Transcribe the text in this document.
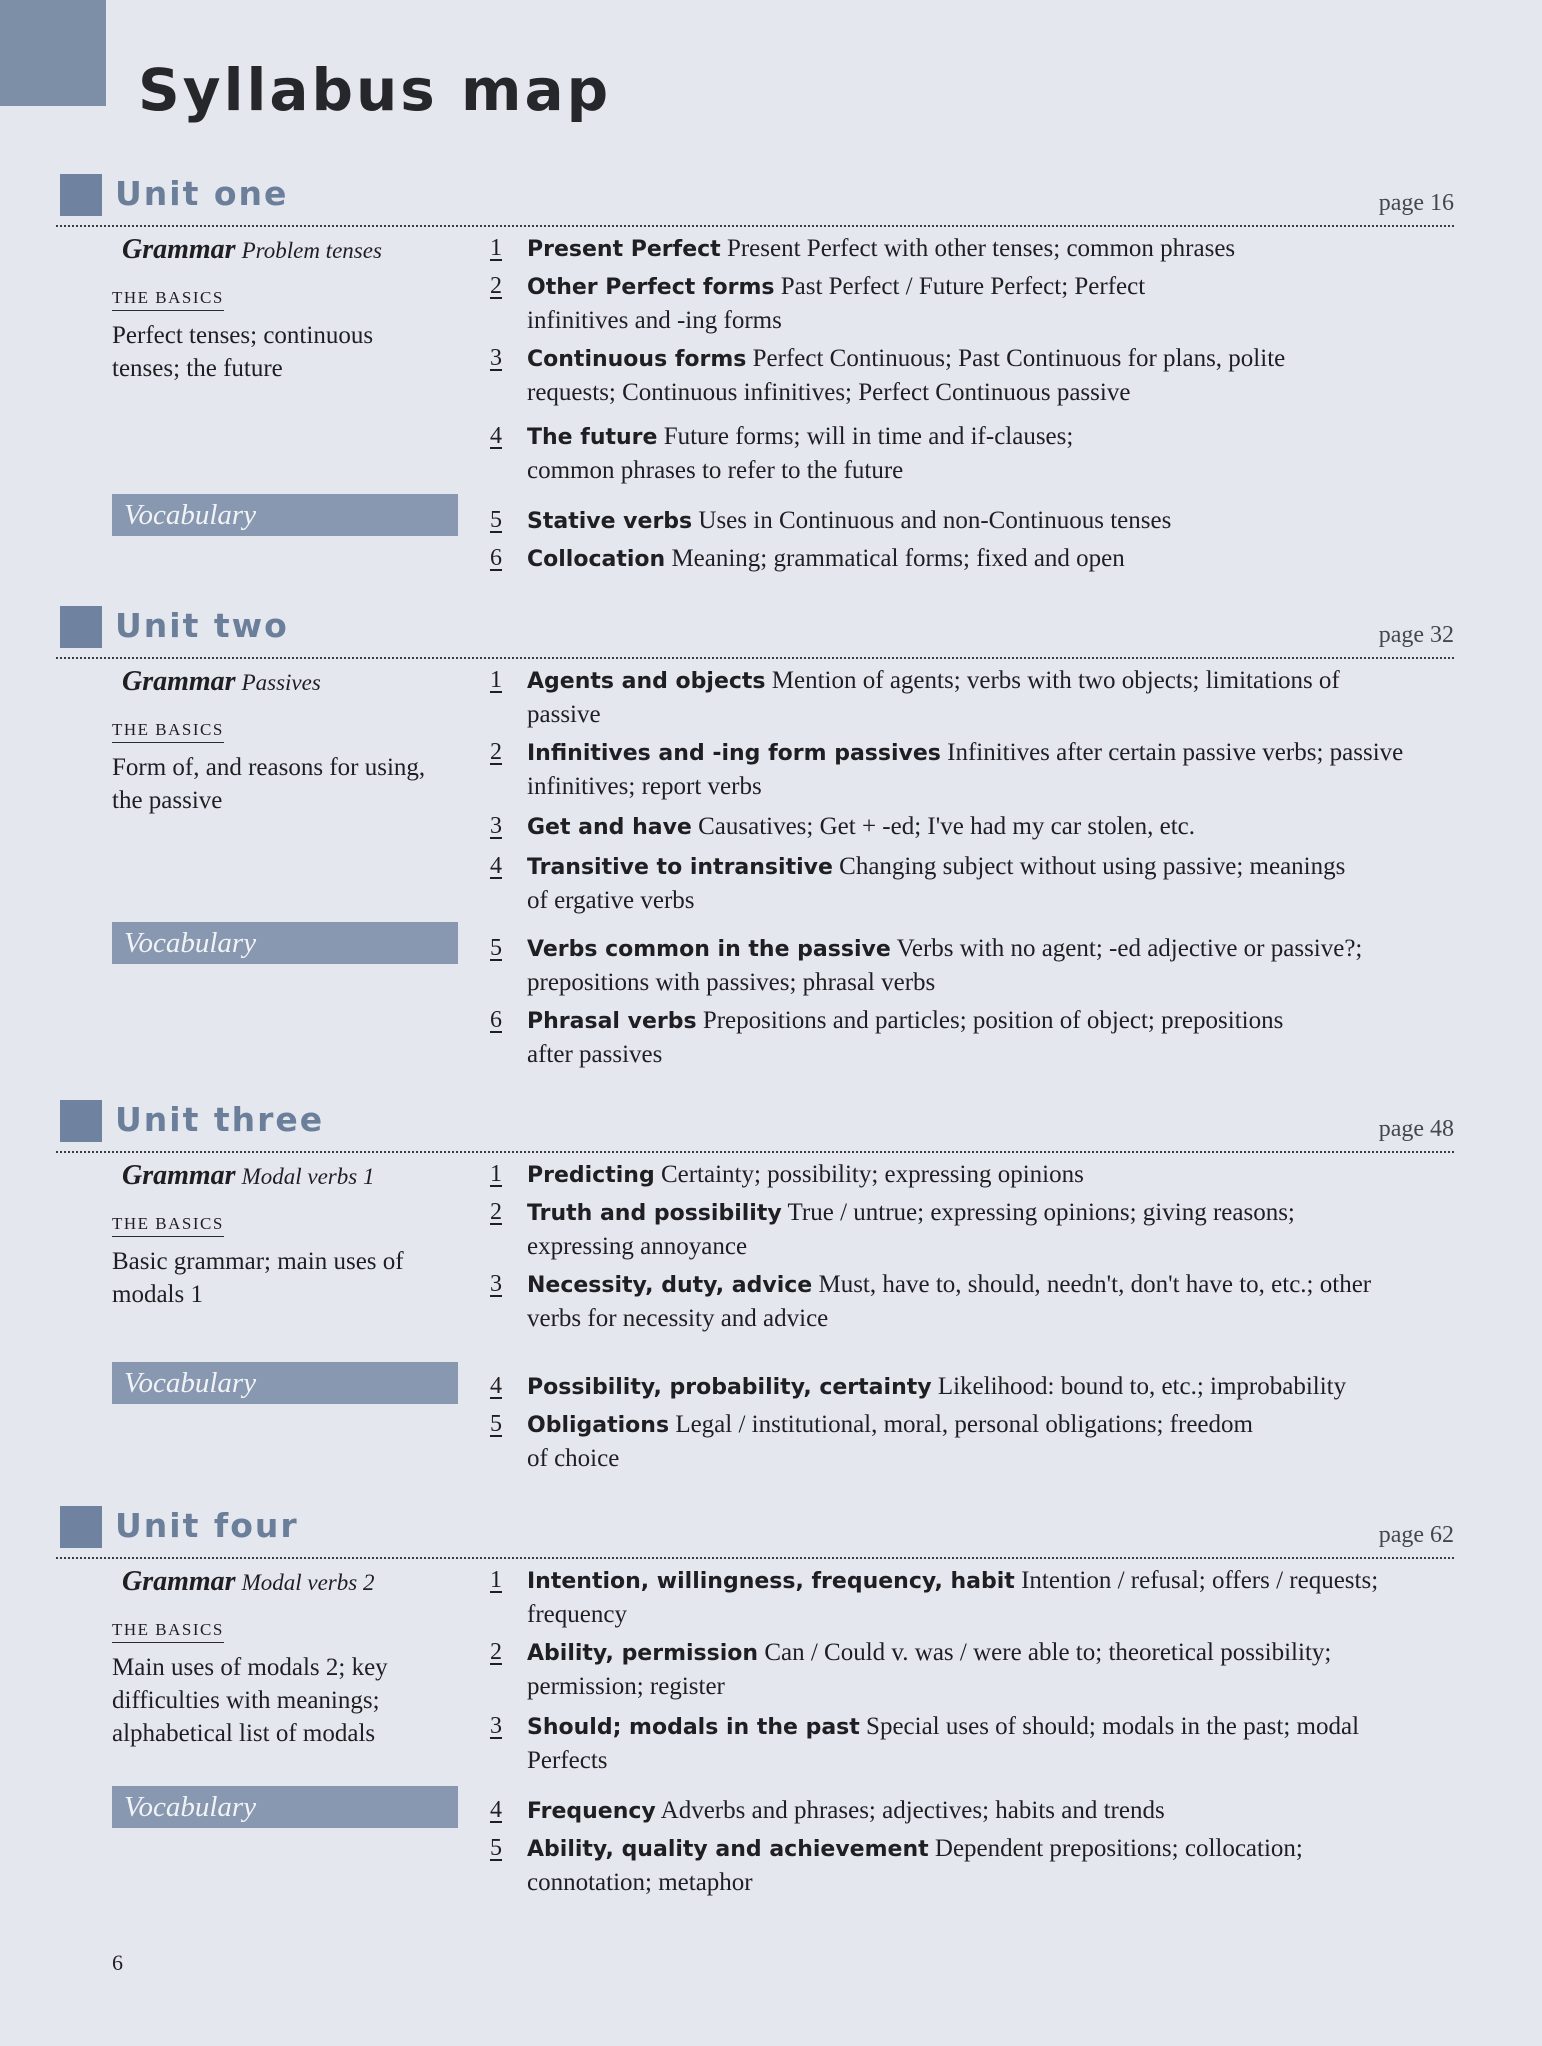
Syllabus map
Unit one	page 16
Grammar Problem tenses
THE BASICS
Perfect tenses; continuous tenses; the future
Vocabulary
1	Present Perfect Present Perfect with other tenses; common phrases
2	Other Perfect forms Past Perfect / Future Perfect; Perfect infinitives and -ing forms
3	Continuous forms Perfect Continuous; Past Continuous for plans, polite requests; Continuous infinitives; Perfect Continuous passive
4	The future Future forms; will in time and if-clauses; common phrases to refer to the future
5	Stative verbs Uses in Continuous and non-Continuous tenses
6	Collocation Meaning; grammatical forms; fixed and open
Unit two	page 32
Grammar Passives
THE BASICS
Form of, and reasons for using, the passive
Vocabulary
1	Agents and objects Mention of agents; verbs with two objects; limitations of passive
2	Infinitives and -ing form passives Infinitives after certain passive verbs; passive infinitives; report verbs
3	Get and have Causatives; Get + -ed; I've had my car stolen, etc.
4	Transitive to intransitive Changing subject without using passive; meanings of ergative verbs
5	Verbs common in the passive Verbs with no agent; -ed adjective or passive?; prepositions with passives; phrasal verbs
6	Phrasal verbs Prepositions and particles; position of object; prepositions after passives
Unit three	page 48
Grammar Modal verbs 1
THE BASICS
Basic grammar; main uses of modals 1
Vocabulary
1	Predicting Certainty; possibility; expressing opinions
2	Truth and possibility True / untrue; expressing opinions; giving reasons; expressing annoyance
3	Necessity, duty, advice Must, have to, should, needn't, don't have to, etc.; other verbs for necessity and advice
4	Possibility, probability, certainty Likelihood: bound to, etc.; improbability
5	Obligations Legal / institutional, moral, personal obligations; freedom of choice
Unit four	page 62
Grammar Modal verbs 2
THE BASICS
Main uses of modals 2; key difficulties with meanings; alphabetical list of modals
Vocabulary
1	Intention, willingness, frequency, habit Intention / refusal; offers / requests; frequency
2	Ability, permission Can / Could v. was / were able to; theoretical possibility; permission; register
3	Should; modals in the past Special uses of should; modals in the past; modal Perfects
4	Frequency Adverbs and phrases; adjectives; habits and trends
5	Ability, quality and achievement Dependent prepositions; collocation; connotation; metaphor
6
